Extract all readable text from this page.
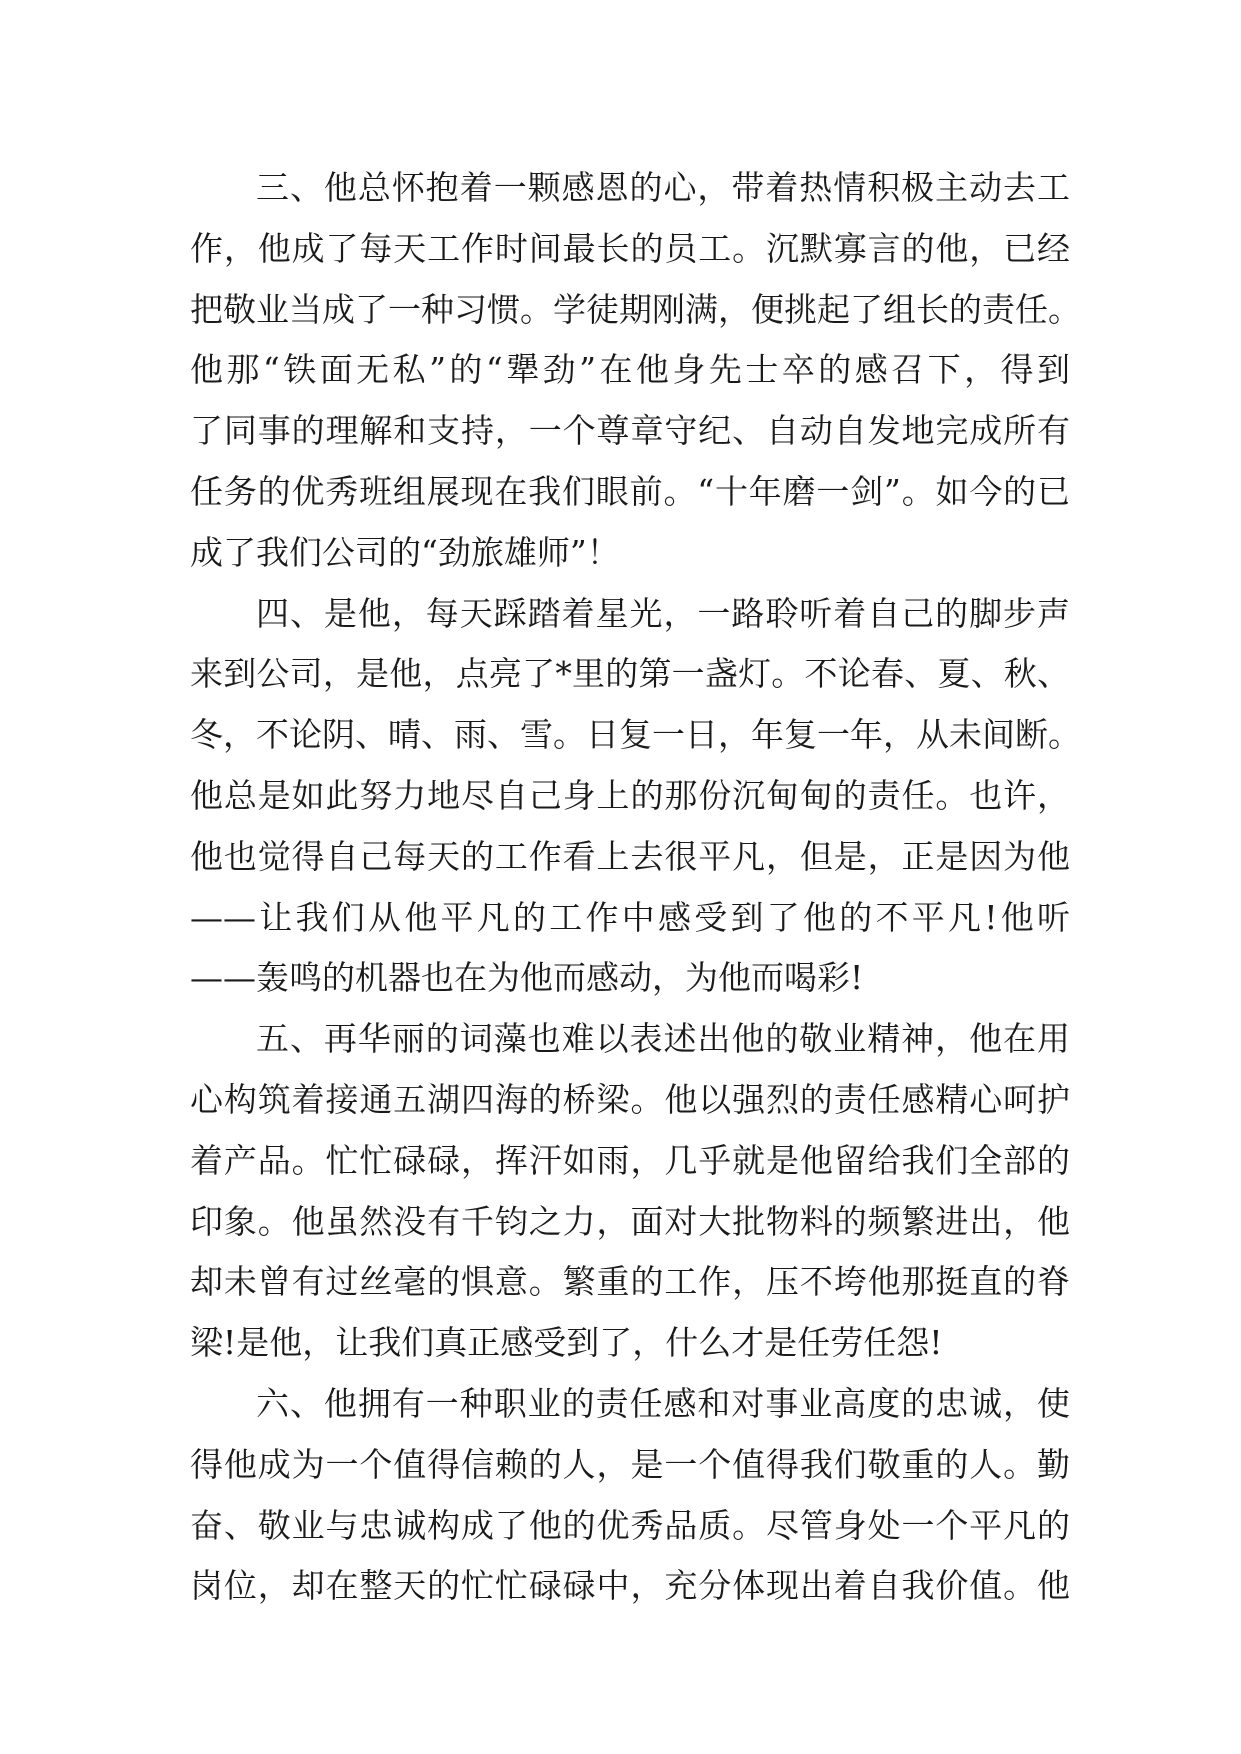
三、他总怀抱着一颗感恩的心，带着热情积极主动去工
作，他成了每天工作时间最长的员工。沉默寡言的他，已经
把敬业当成了一种习惯。学徒期刚满，便挑起了组长的责任。
他那“铁面无私”的“犟劲”在他身先士卒的感召下，得到
了同事的理解和支持，一个尊章守纪、自动自发地完成所有
任务的优秀班组展现在我们眼前。“十年磨一剑”。如今的已
成了我们公司的“劲旅雄师”！
四、是他，每天踩踏着星光，一路聆听着自己的脚步声
来到公司，是他，点亮了*里的第一盏灯。不论春、夏、秋、
冬，不论阴、晴、雨、雪。日复一日，年复一年，从未间断。
他总是如此努力地尽自己身上的那份沉甸甸的责任。也许，
他也觉得自己每天的工作看上去很平凡，但是，正是因为他
——让我们从他平凡的工作中感受到了他的不平凡!他听
——轰鸣的机器也在为他而感动，为他而喝彩!
五、再华丽的词藻也难以表述出他的敬业精神，他在用
心构筑着接通五湖四海的桥梁。他以强烈的责任感精心呵护
着产品。忙忙碌碌，挥汗如雨，几乎就是他留给我们全部的
印象。他虽然没有千钧之力，面对大批物料的频繁进出，他
却未曾有过丝毫的惧意。繁重的工作，压不垮他那挺直的脊
梁!是他，让我们真正感受到了，什么才是任劳任怨!
六、他拥有一种职业的责任感和对事业高度的忠诚，使
得他成为一个值得信赖的人，是一个值得我们敬重的人。勤
奋、敬业与忠诚构成了他的优秀品质。尽管身处一个平凡的
岗位，却在整天的忙忙碌碌中，充分体现出着自我价值。他
